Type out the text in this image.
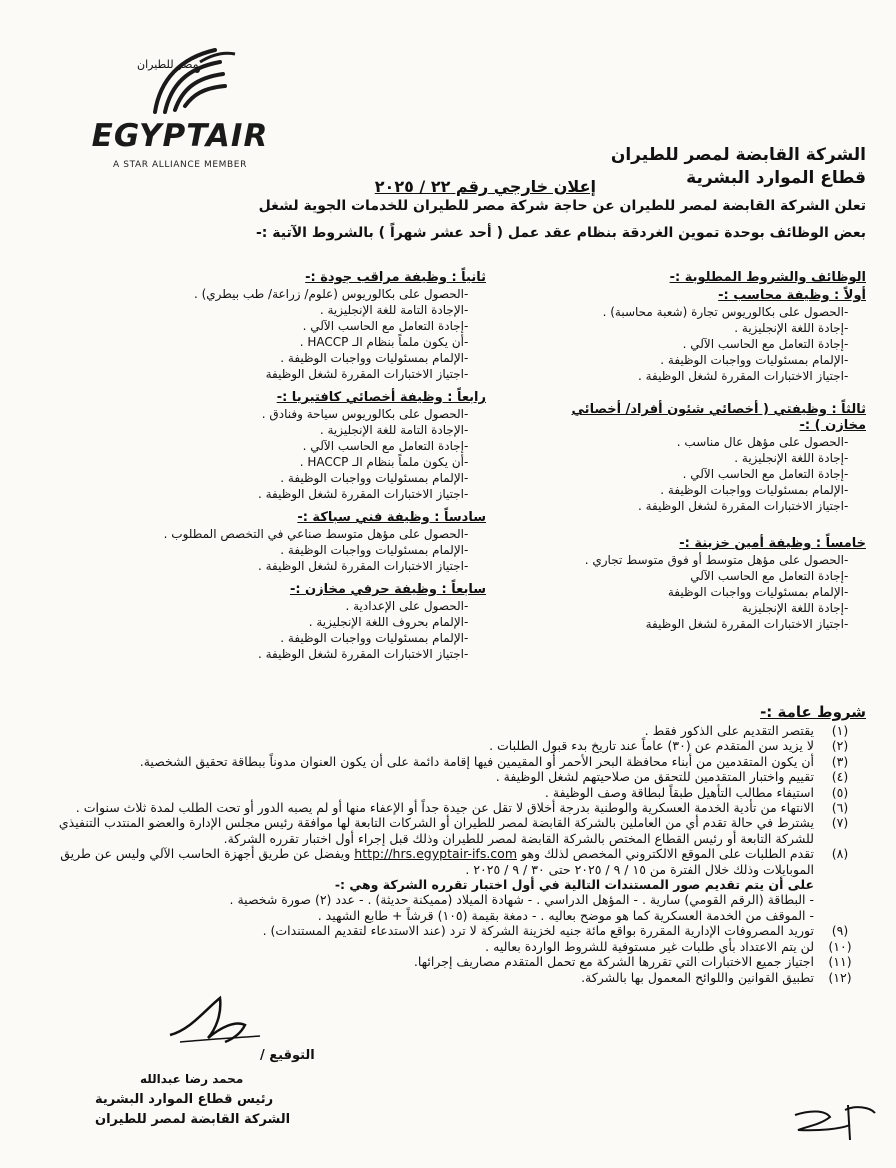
مصر للطيران
EGYPTAIR
A STAR ALLIANCE MEMBER	الشركة القابضة لمصر للطيران
قطاع الموارد البشرية
إعلان خارجي رقم ٢٢ / ٢٠٢٥
تعلن الشركة القابضة لمصر للطيران عن حاجة شركة مصر للطيران للخدمات الجوية لشغل
بعض الوظائف بوحدة تموين الغردقة بنظام عقد عمل ( أحد عشر شهراً ) بالشروط الآتية :-
الوظائف والشروط المطلوبة :-
أولاً : وظيفة محاسب :-
-الحصول على بكالوريوس تجارة (شعبة محاسبة) .
-إجادة اللغة الإنجليزية .
-إجادة التعامل مع الحاسب الآلي .
-الإلمام بمسئوليات وواجبات الوظيفة .
-اجتياز الاختبارات المقررة لشغل الوظيفة .
ثالثاً : وظيفتي ( أخصائي شئون أفراد/ أخصائي مخازن ) :-
-الحصول على مؤهل عال مناسب .
-إجادة اللغة الإنجليزية .
-إجادة التعامل مع الحاسب الآلي .
-الإلمام بمسئوليات وواجبات الوظيفة .
-اجتياز الاختبارات المقررة لشغل الوظيفة .
خامساً : وظيفة أمين خزينة :-
-الحصول على مؤهل متوسط أو فوق متوسط تجاري .
-إجادة التعامل مع الحاسب الآلي
-الإلمام بمسئوليات وواجبات الوظيفة
-إجادة اللغة الإنجليزية
-اجتياز الاختبارات المقررة لشغل الوظيفة
ثانياً : وظيفة مراقب جودة :-
-الحصول على بكالوريوس (علوم/ زراعة/ طب بيطري) .
-الإجادة التامة للغة الإنجليزية .
-إجادة التعامل مع الحاسب الآلي .
-أن يكون ملماً بنظام الـ HACCP .
-الإلمام بمسئوليات وواجبات الوظيفة .
-اجتياز الاختبارات المقررة لشغل الوظيفة
رابعاً : وظيفة أخصائي كافتيريا :-
-الحصول على بكالوريوس سياحة وفنادق .
-الإجادة التامة للغة الإنجليزية .
-إجادة التعامل مع الحاسب الآلي .
-أن يكون ملماً بنظام الـ HACCP .
-الإلمام بمسئوليات وواجبات الوظيفة .
-اجتياز الاختبارات المقررة لشغل الوظيفة .
سادساً : وظيفة فني سباكة :-
-الحصول على مؤهل متوسط صناعي في التخصص المطلوب .
-الإلمام بمسئوليات وواجبات الوظيفة .
-اجتياز الاختبارات المقررة لشغل الوظيفة .
سابعاً : وظيفة حرفي مخازن :-
-الحصول على الإعدادية .
-الإلمام بحروف اللغة الإنجليزية .
-الإلمام بمسئوليات وواجبات الوظيفة .
-اجتياز الاختبارات المقررة لشغل الوظيفة .
شروط عامة :-
(١)
يقتصر التقديم على الذكور فقط .
(٢)
لا يزيد سن المتقدم عن (٣٠) عاماً عند تاريخ بدء قبول الطلبات .
(٣)
أن يكون المتقدمين من أبناء محافظة البحر الأحمر أو المقيمين فيها إقامة دائمة على أن يكون العنوان مدوناً ببطاقة تحقيق الشخصية.
(٤)
تقييم واختبار المتقدمين للتحقق من صلاحيتهم لشغل الوظيفة .
(٥)
استيفاء مطالب التأهيل طبقاً لبطاقة وصف الوظيفة .
(٦)
الانتهاء من تأدية الخدمة العسكرية والوطنية بدرجة أخلاق لا تقل عن جيدة جداً أو الإعفاء منها أو لم يصبه الدور أو تحت الطلب لمدة ثلاث سنوات .
(٧)
يشترط في حالة تقدم أي من العاملين بالشركة القابضة لمصر للطيران أو الشركات التابعة لها موافقة رئيس مجلس الإدارة والعضو المنتدب التنفيذي للشركة التابعة أو رئيس القطاع المختص بالشركة القابضة لمصر للطيران وذلك قبل إجراء أول اختبار تقرره الشركة.
(٨)
تقدم الطلبات على الموقع الالكتروني المخصص لذلك وهو http://hrs.egyptair-ifs.com ويفضل عن طريق أجهزة الحاسب الآلي وليس عن طريق الموبايلات وذلك خلال الفترة من ١٥ / ٩ / ٢٠٢٥ حتى ٣٠ / ٩ / ٢٠٢٥ .
على أن يتم تقديم صور المستندات التالية في أول اختبار تقرره الشركة وهي :-
- البطاقة (الرقم القومي) سارية . - المؤهل الدراسي . - شهادة الميلاد (مميكنة حديثة) . - عدد (٢) صورة شخصية .
- الموقف من الخدمة العسكرية كما هو موضح بعاليه . - دمغة بقيمة (١٠٥) قرشاً + طابع الشهيد .
(٩)
توريد المصروفات الإدارية المقررة بواقع مائة جنيه لخزينة الشركة لا ترد (عند الاستدعاء لتقديم المستندات) .
(١٠)
لن يتم الاعتداد بأي طلبات غير مستوفية للشروط الواردة بعاليه .
(١١)
اجتياز جميع الاختبارات التي تقررها الشركة مع تحمل المتقدم مصاريف إجرائها.
(١٢)
تطبيق القوانين واللوائح المعمول بها بالشركة.
التوقيع /
محمد رضا عبدالله
رئيس قطاع الموارد البشرية
الشركة القابضة لمصر للطيران
